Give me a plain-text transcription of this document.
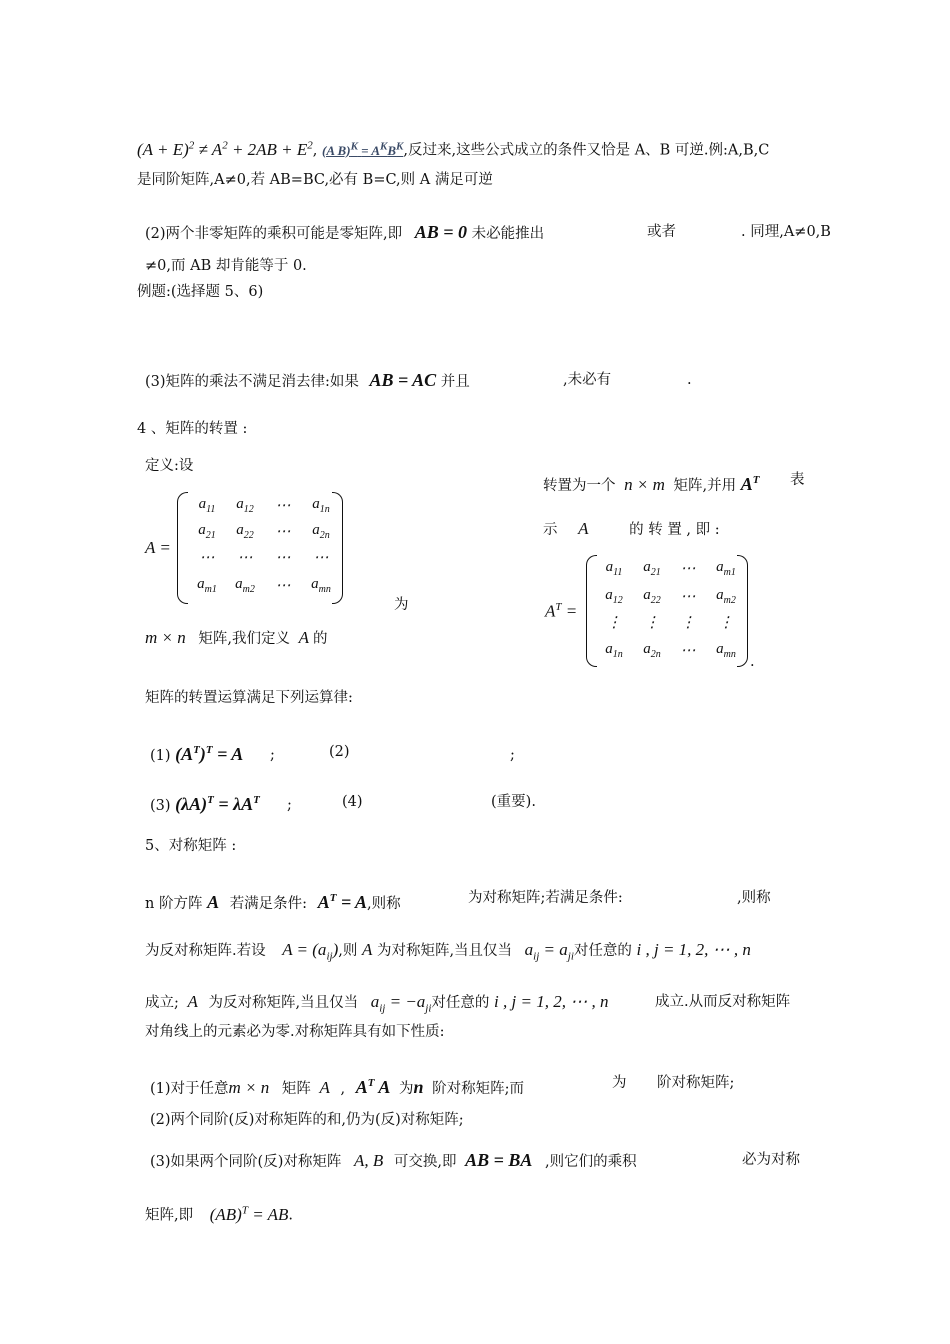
$(A + E)^2 \ne A^2 + 2AB + E^2$, (A $B)^K = A^KB^K$,反过来,这些公式成立的条件又恰是 A、B 可逆.例:A,B,C
是同阶矩阵,A≠0,若 AB=BC,必有 B=C,则 A 满足可逆
(2)两个非零矩阵的乘积可能是零矩阵,即 AB = 0 未必能推出	或者	. 同理,A≠0,B
≠0,而 AB 却肯能等于 0.
例题:(选择题 5、6)
(3)矩阵的乘法不满足消去律:如果 AB = AC 并且	,未必有	.
4 、矩阵的转置 :
定义:设
转置为一个 n × m 矩阵,并用 $A^T$ 表
示 A	的 转 置 , 即 :
A =
$a_{11}$	$a_{12}$	⋯	$a_{1n}$
$a_{21}$	$a_{22}$	⋯	$a_{2n}$
⋯	⋯	⋯	⋯
$a_{m1}$	$a_{m2}$	⋯	$a_{mn}$
为	$A^T$ =
$a_{11}$	$a_{21}$	⋯	$a_{m1}$
$a_{12}$	$a_{22}$	⋯	$a_{m2}$
⋮	⋮	⋮	⋮
$a_{1n}$	$a_{2n}$	⋯	$a_{mn}$ .
m × n 矩阵,我们定义 A 的
矩阵的转置运算满足下列运算律:
(1) $(A^T)^T = A$ ;	(2)	;
(3) $(\lambda A)^T = \lambda A^T$ ;	(4)	(重要).
5、对称矩阵 :
n 阶方阵 A 若满足条件: $A^T = A$,则称	为对称矩阵;若满足条件:	,则称
为反对称矩阵.若设 $A = (a_{ij})$,则 A 为对称矩阵,当且仅当 $a_{ij} = a_{ji}$对任意的 i , j = 1, 2, ⋯ , n
成立; A 为反对称矩阵,当且仅当 $a_{ij} = -a_{ji}$对任意的 i , j = 1, 2, ⋯ , n	成立.从而反对称矩阵
对角线上的元素必为零.对称矩阵具有如下性质:
(1)对于任意m × n 矩阵 A , $A^T$ A 为n 阶对称矩阵;而	为 阶对称矩阵;
(2)两个同阶(反)对称矩阵的和,仍为(反)对称矩阵;
(3)如果两个同阶(反)对称矩阵 A, B 可交换,即 AB = BA ,则它们的乘积	必为对称
矩阵,即 (AB)$^T$ = AB.
